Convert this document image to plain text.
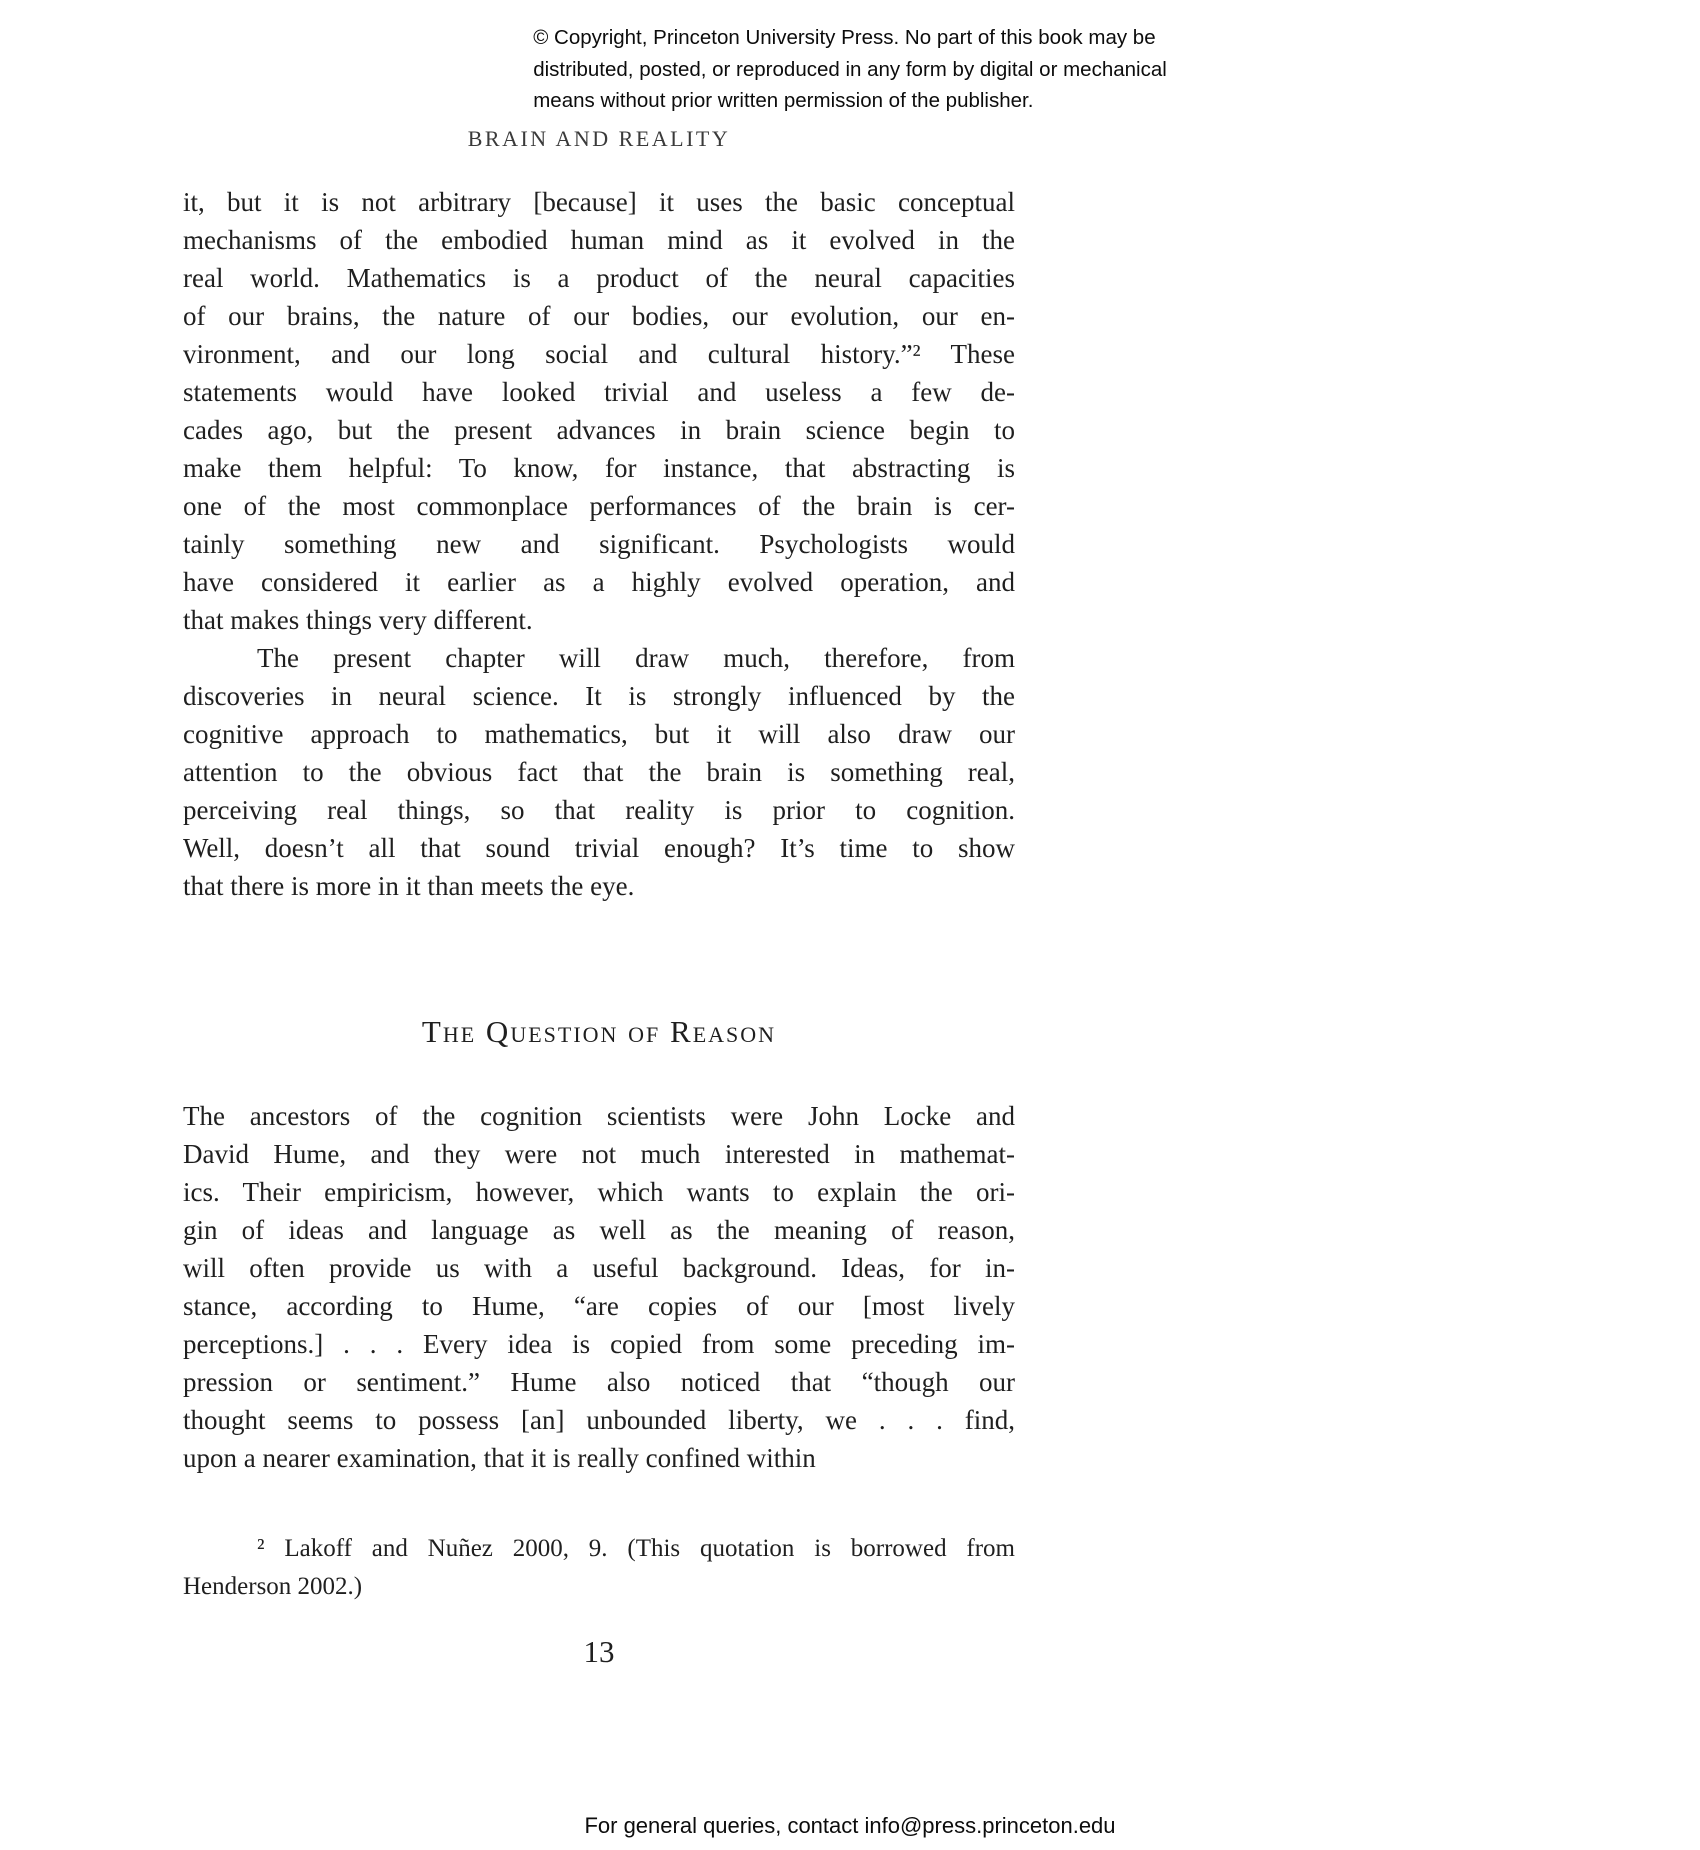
© Copyright, Princeton University Press. No part of this book may be
distributed, posted, or reproduced in any form by digital or mechanical
means without prior written permission of the publisher.
BRAIN AND REALITY
it, but it is not arbitrary [because] it uses the basic conceptual
mechanisms of the embodied human mind as it evolved in the
real world. Mathematics is a product of the neural capacities
of our brains, the nature of our bodies, our evolution, our en-
vironment, and our long social and cultural history.”² These
statements would have looked trivial and useless a few de-
cades ago, but the present advances in brain science begin to
make them helpful: To know, for instance, that abstracting is
one of the most commonplace performances of the brain is cer-
tainly something new and significant. Psychologists would
have considered it earlier as a highly evolved operation, and
that makes things very different.
The present chapter will draw much, therefore, from
discoveries in neural science. It is strongly influenced by the
cognitive approach to mathematics, but it will also draw our
attention to the obvious fact that the brain is something real,
perceiving real things, so that reality is prior to cognition.
Well, doesn’t all that sound trivial enough? It’s time to show
that there is more in it than meets the eye.
The Question of Reason
The ancestors of the cognition scientists were John Locke and
David Hume, and they were not much interested in mathemat-
ics. Their empiricism, however, which wants to explain the ori-
gin of ideas and language as well as the meaning of reason,
will often provide us with a useful background. Ideas, for in-
stance, according to Hume, “are copies of our [most lively
perceptions.] . . . Every idea is copied from some preceding im-
pression or sentiment.” Hume also noticed that “though our
thought seems to possess [an] unbounded liberty, we . . . find,
upon a nearer examination, that it is really confined within
² Lakoff and Nuñez 2000, 9. (This quotation is borrowed from
Henderson 2002.)
13
For general queries, contact info@press.princeton.edu
